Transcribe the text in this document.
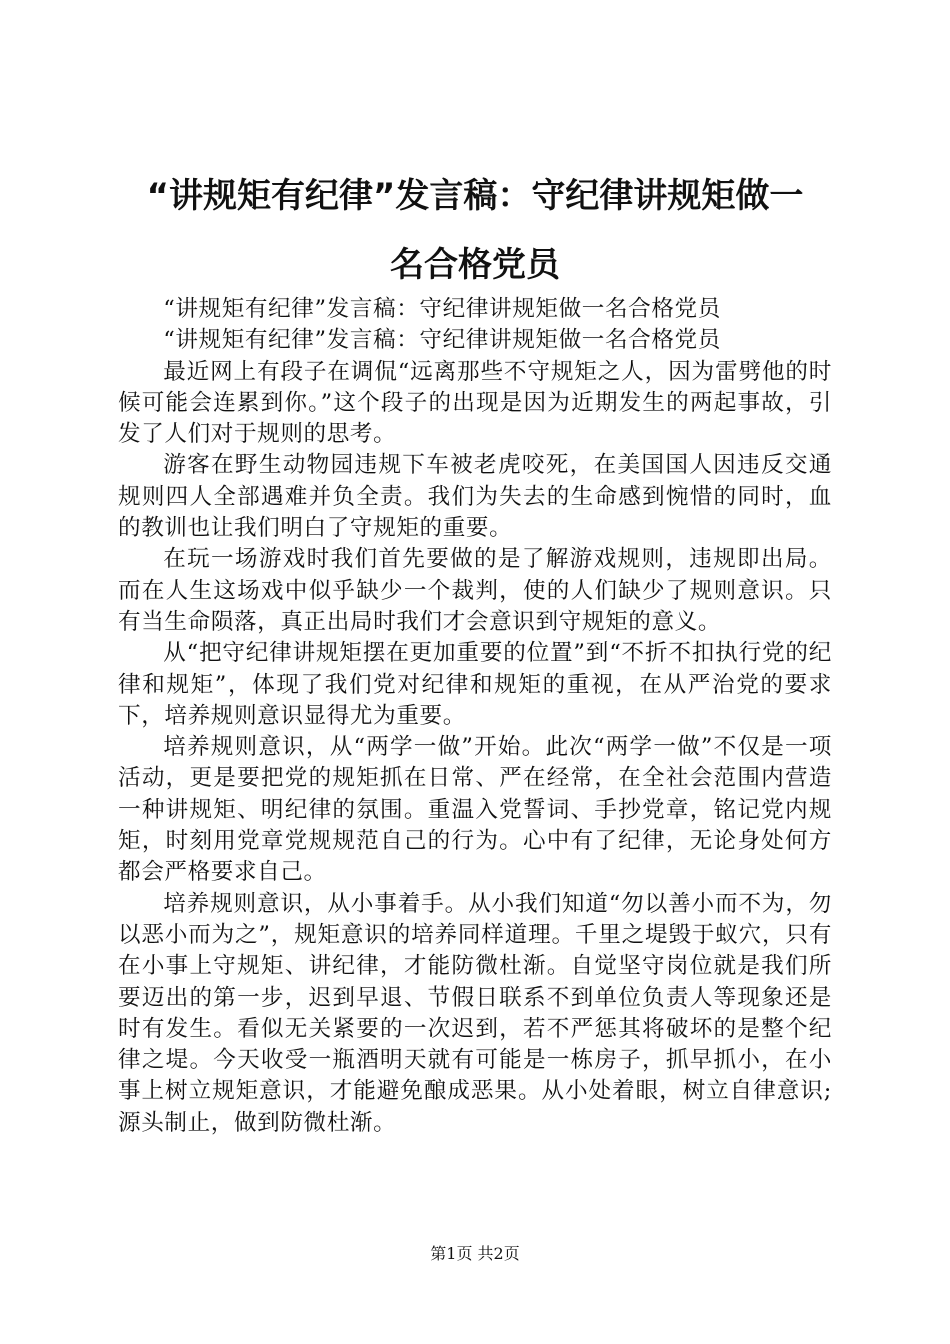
“讲规矩有纪律”发言稿：守纪律讲规矩做一
名合格党员

“讲规矩有纪律”发言稿：守纪律讲规矩做一名合格党员

“讲规矩有纪律”发言稿：守纪律讲规矩做一名合格党员

最近网上有段子在调侃“远离那些不守规矩之人，因为雷劈他的时候可能会连累到你。”这个段子的出现是因为近期发生的两起事故，引发了人们对于规则的思考。

游客在野生动物园违规下车被老虎咬死，在美国国人因违反交通规则四人全部遇难并负全责。我们为失去的生命感到惋惜的同时，血的教训也让我们明白了守规矩的重要。

在玩一场游戏时我们首先要做的是了解游戏规则，违规即出局。而在人生这场戏中似乎缺少一个裁判，使的人们缺少了规则意识。只有当生命陨落，真正出局时我们才会意识到守规矩的意义。

从“把守纪律讲规矩摆在更加重要的位置”到“不折不扣执行党的纪律和规矩”，体现了我们党对纪律和规矩的重视，在从严治党的要求下，培养规则意识显得尤为重要。

培养规则意识，从“两学一做”开始。此次“两学一做”不仅是一项活动，更是要把党的规矩抓在日常、严在经常，在全社会范围内营造一种讲规矩、明纪律的氛围。重温入党誓词、手抄党章，铭记党内规矩，时刻用党章党规规范自己的行为。心中有了纪律，无论身处何方都会严格要求自己。

培养规则意识，从小事着手。从小我们知道“勿以善小而不为，勿以恶小而为之”，规矩意识的培养同样道理。千里之堤毁于蚁穴，只有在小事上守规矩、讲纪律，才能防微杜渐。自觉坚守岗位就是我们所要迈出的第一步，迟到早退、节假日联系不到单位负责人等现象还是时有发生。看似无关紧要的一次迟到，若不严惩其将破坏的是整个纪律之堤。今天收受一瓶酒明天就有可能是一栋房子，抓早抓小，在小事上树立规矩意识，才能避免酿成恶果。从小处着眼，树立自律意识;源头制止，做到防微杜渐。

第1页 共2页
